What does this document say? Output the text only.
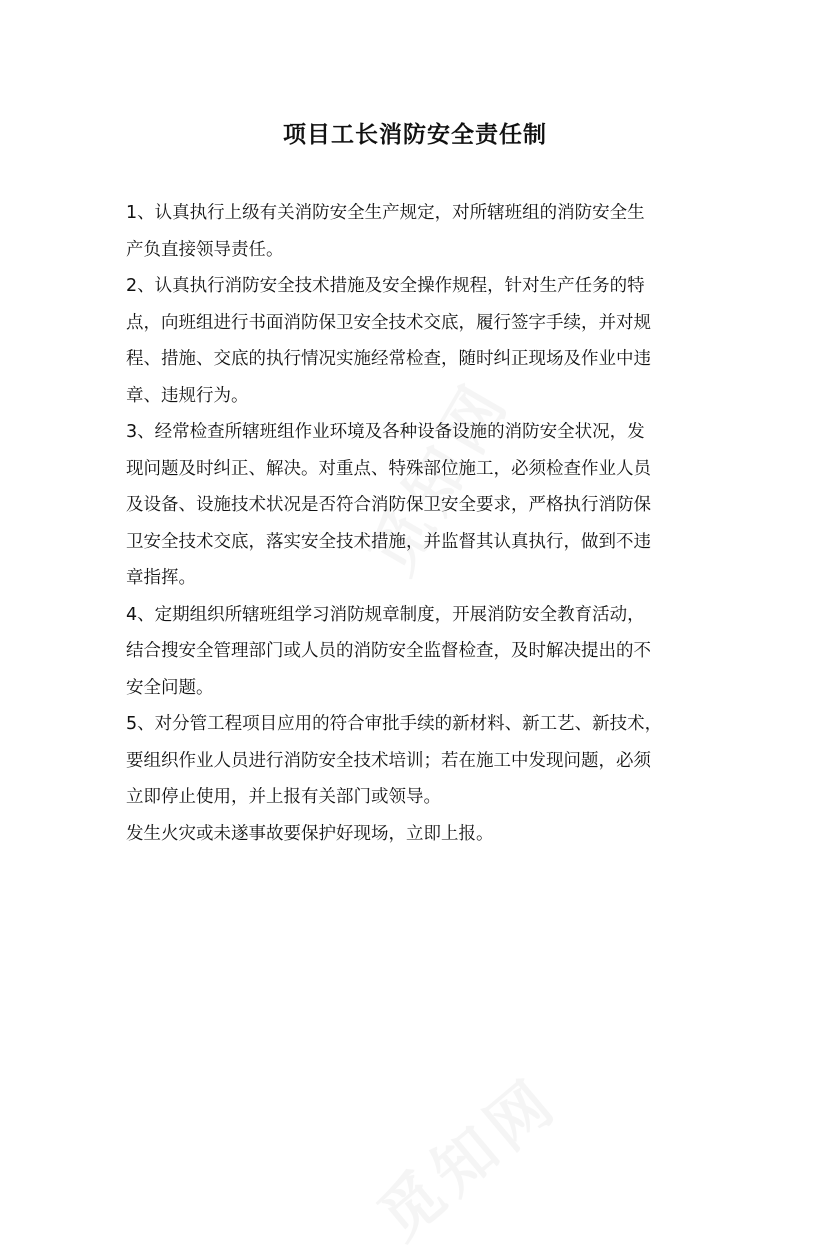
项目工长消防安全责任制

1、认真执行上级有关消防安全生产规定，对所辖班组的消防安全生
产负直接领导责任。

2、认真执行消防安全技术措施及安全操作规程，针对生产任务的特
点，向班组进行书面消防保卫安全技术交底，履行签字手续，并对规
程、措施、交底的执行情况实施经常检查，随时纠正现场及作业中违
章、违规行为。

3、经常检查所辖班组作业环境及各种设备设施的消防安全状况，发
现问题及时纠正、解决。对重点、特殊部位施工，必须检查作业人员
及设备、设施技术状况是否符合消防保卫安全要求，严格执行消防保
卫安全技术交底，落实安全技术措施，并监督其认真执行，做到不违
章指挥。

4、定期组织所辖班组学习消防规章制度，开展消防安全教育活动，
结合搜安全管理部门或人员的消防安全监督检查，及时解决提出的不
安全问题。

5、对分管工程项目应用的符合审批手续的新材料、新工艺、新技术，
要组织作业人员进行消防安全技术培训；若在施工中发现问题，必须
立即停止使用，并上报有关部门或领导。

发生火灾或未遂事故要保护好现场，立即上报。
